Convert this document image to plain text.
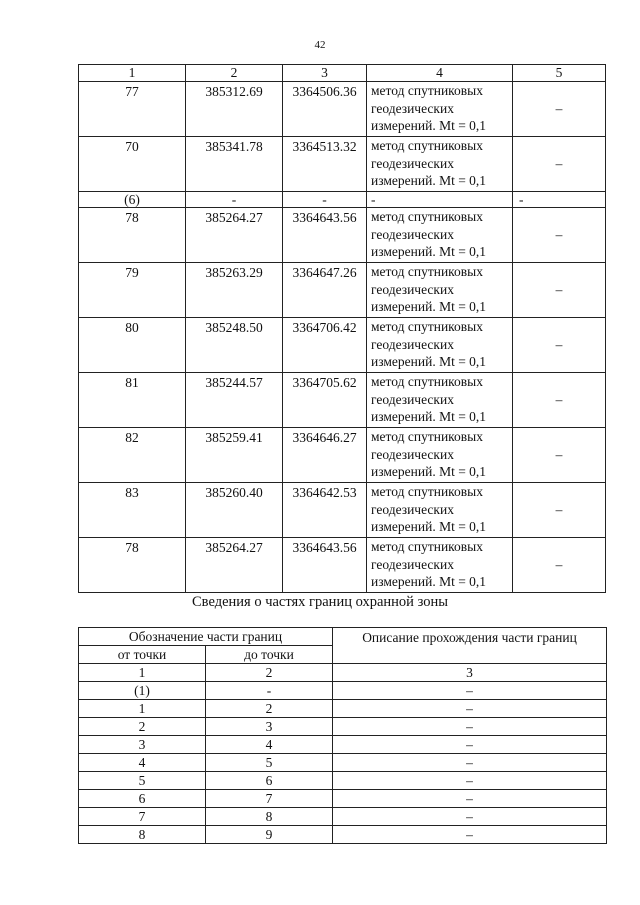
42
1	2	3	4	5
77	385312.69	3364506.36	метод спутниковых
геодезических
измерений. Mt = 0,1	–
70	385341.78	3364513.32	метод спутниковых
геодезических
измерений. Mt = 0,1	–
(6)	-	-	-	-
78	385264.27	3364643.56	метод спутниковых
геодезических
измерений. Mt = 0,1	–
79	385263.29	3364647.26	метод спутниковых
геодезических
измерений. Mt = 0,1	–
80	385248.50	3364706.42	метод спутниковых
геодезических
измерений. Mt = 0,1	–
81	385244.57	3364705.62	метод спутниковых
геодезических
измерений. Mt = 0,1	–
82	385259.41	3364646.27	метод спутниковых
геодезических
измерений. Mt = 0,1	–
83	385260.40	3364642.53	метод спутниковых
геодезических
измерений. Mt = 0,1	–
78	385264.27	3364643.56	метод спутниковых
геодезических
измерений. Mt = 0,1	–
Сведения о частях границ охранной зоны
Обозначение части границ		Описание прохождения части границ
от точки	до точки	
1	2	3
(1)	-	–
1	2	–
2	3	–
3	4	–
4	5	–
5	6	–
6	7	–
7	8	–
8	9	–
